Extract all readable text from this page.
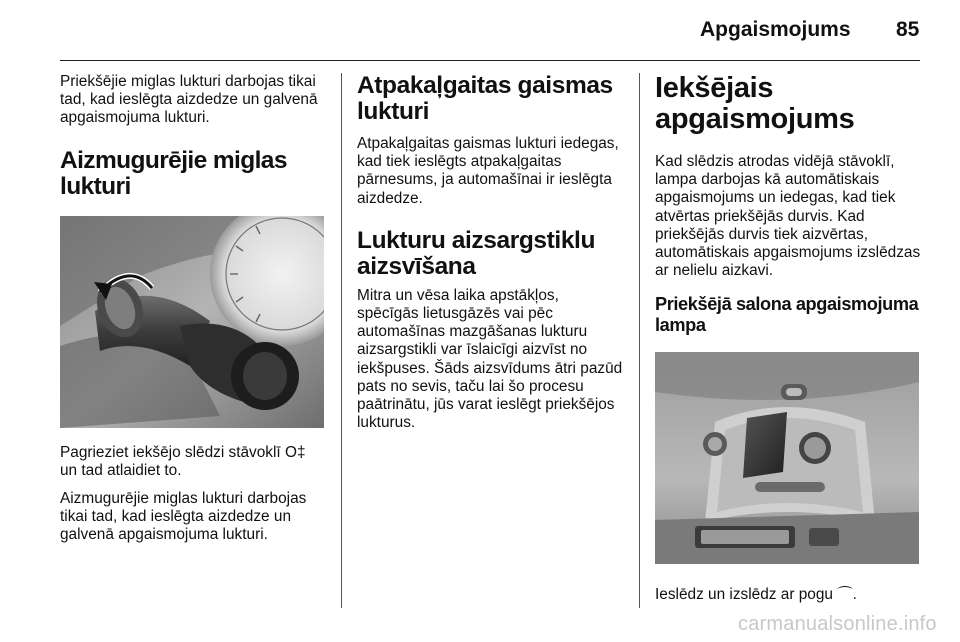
Apgaismojums 85

Priekšējie miglas lukturi darbojas tikai tad, kad ieslēgta aizdedze un galvenā apgaismojuma lukturi.

Aizmugurējie miglas lukturi

Pagrieziet iekšējo slēdzi stāvoklī O‡
un tad atlaidiet to.

Aizmugurējie miglas lukturi darbojas tikai tad, kad ieslēgta aizdedze un galvenā apgaismojuma lukturi.

Atpakaļgaitas gaismas lukturi

Atpakaļgaitas gaismas lukturi iedegas, kad tiek ieslēgts atpakaļgaitas pārnesums, ja automašīnai ir ieslēgta aizdedze.

Lukturu aizsargstiklu aizsvīšana

Mitra un vēsa laika apstākļos, spēcīgās lietusgāzēs vai pēc automašīnas mazgāšanas lukturu aizsargstikli var īslaicīgi aizvīst no iekšpuses. Šāds aizsvīdums ātri pazūd pats no sevis, taču lai šo procesu paātrinātu, jūs varat ieslēgt priekšējos lukturus.

Iekšējais apgaismojums

Kad slēdzis atrodas vidējā stāvoklī, lampa darbojas kā automātiskais apgaismojums un iedegas, kad tiek atvērtas priekšējās durvis. Kad priekšējās durvis tiek aizvērtas, automātiskais apgaismojums izslēdzas ar nelielu aizkavi.

Priekšējā salona apgaismojuma lampa

Ieslēdz un izslēdz ar pogu ⌒.

carmanualsonline.info
